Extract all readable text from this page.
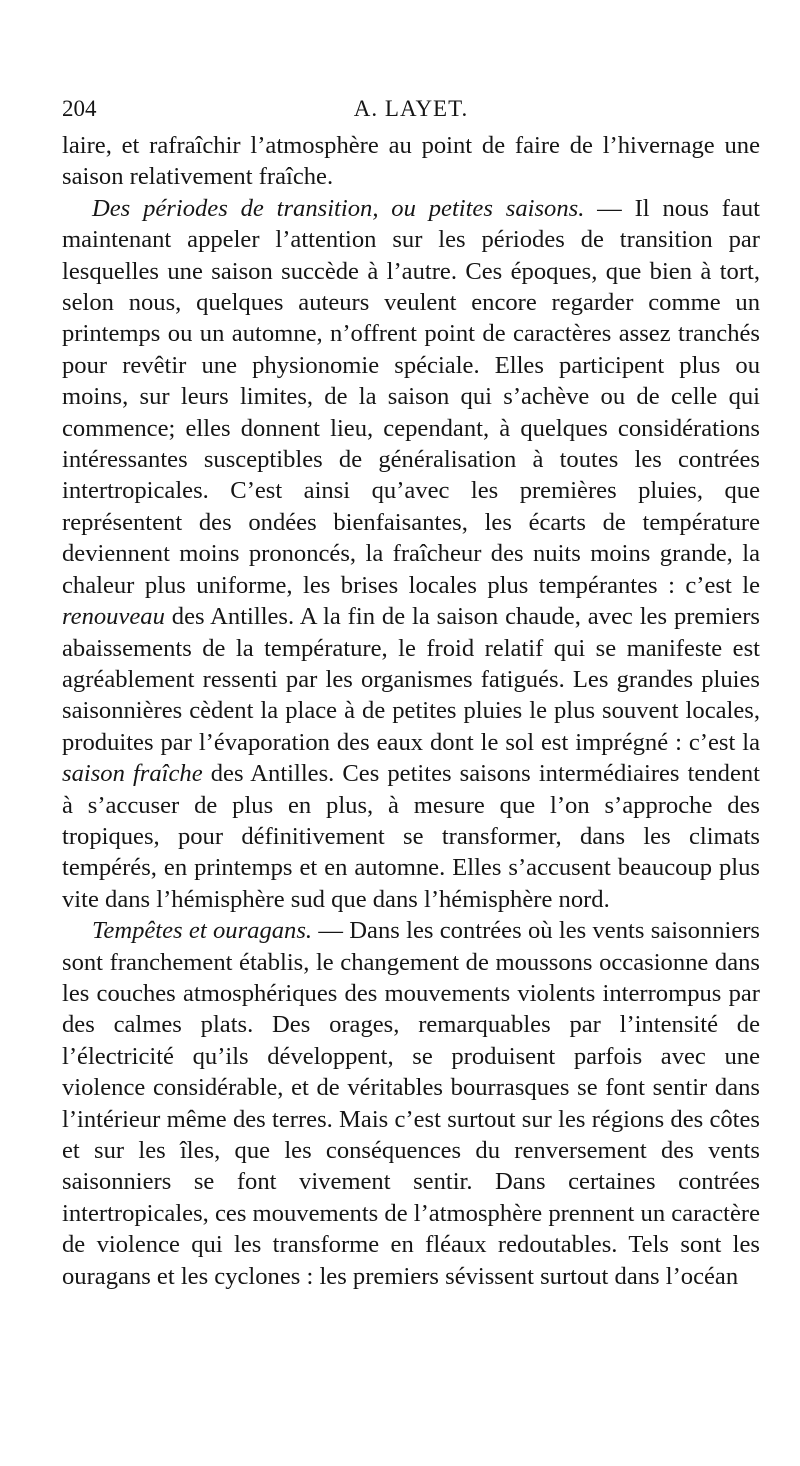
204	A. LAYET.

laire, et rafraîchir l’atmosphère au point de faire de l’hivernage une saison relativement fraîche.

Des périodes de transition, ou petites saisons. — Il nous faut maintenant appeler l’attention sur les périodes de transition par lesquelles une saison succède à l’autre. Ces époques, que bien à tort, selon nous, quelques auteurs veulent encore regarder comme un printemps ou un automne, n’offrent point de caractères assez tranchés pour revêtir une physionomie spéciale. Elles participent plus ou moins, sur leurs limites, de la saison qui s’achève ou de celle qui commence; elles donnent lieu, cependant, à quelques considérations intéressantes susceptibles de généralisation à toutes les contrées intertropicales. C’est ainsi qu’avec les premières pluies, que représentent des ondées bienfaisantes, les écarts de température deviennent moins prononcés, la fraîcheur des nuits moins grande, la chaleur plus uniforme, les brises locales plus tempérantes : c’est le renouveau des Antilles. A la fin de la saison chaude, avec les premiers abaissements de la température, le froid relatif qui se manifeste est agréablement ressenti par les organismes fatigués. Les grandes pluies saisonnières cèdent la place à de petites pluies le plus souvent locales, produites par l’évaporation des eaux dont le sol est imprégné : c’est la saison fraîche des Antilles. Ces petites saisons intermédiaires tendent à s’accuser de plus en plus, à mesure que l’on s’approche des tropiques, pour définitivement se transformer, dans les climats tempérés, en printemps et en automne. Elles s’accusent beaucoup plus vite dans l’hémisphère sud que dans l’hémisphère nord.

Tempêtes et ouragans. — Dans les contrées où les vents saisonniers sont franchement établis, le changement de moussons occasionne dans les couches atmosphériques des mouvements violents interrompus par des calmes plats. Des orages, remarquables par l’intensité de l’électricité qu’ils développent, se produisent parfois avec une violence considérable, et de véritables bourrasques se font sentir dans l’intérieur même des terres. Mais c’est surtout sur les régions des côtes et sur les îles, que les conséquences du renversement des vents saisonniers se font vivement sentir. Dans certaines contrées intertropicales, ces mouvements de l’atmosphère prennent un caractère de violence qui les transforme en fléaux redoutables. Tels sont les ouragans et les cyclones : les premiers sévissent surtout dans l’océan
